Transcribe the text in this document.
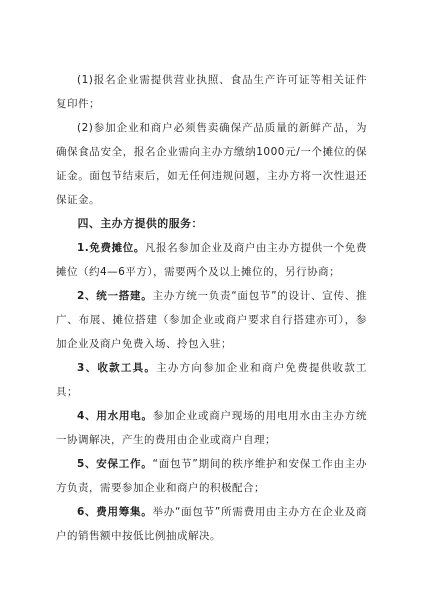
(1)报名企业需提供营业执照、食品生产许可证等相关证件复印件；

(2)参加企业和商户必须售卖确保产品质量的新鲜产品，为确保食品安全，报名企业需向主办方缴纳1000元/一个摊位的保证金。面包节结束后，如无任何违规问题，主办方将一次性退还保证金。

四、主办方提供的服务：

1.免费摊位。凡报名参加企业及商户由主办方提供一个免费摊位（约4—6平方），需要两个及以上摊位的，另行协商；

2、统一搭建。主办方统一负责“面包节”的设计、宣传、推广、布展、摊位搭建（参加企业或商户要求自行搭建亦可），参加企业及商户免费入场、拎包入驻；

3、收款工具。主办方向参加企业和商户免费提供收款工具；

4、用水用电。参加企业或商户现场的用电用水由主办方统一协调解决，产生的费用由企业或商户自理；

5、安保工作。“面包节”期间的秩序维护和安保工作由主办方负责，需要参加企业和商户的积极配合；

6、费用筹集。举办“面包节”所需费用由主办方在企业及商户的销售额中按低比例抽成解决。
